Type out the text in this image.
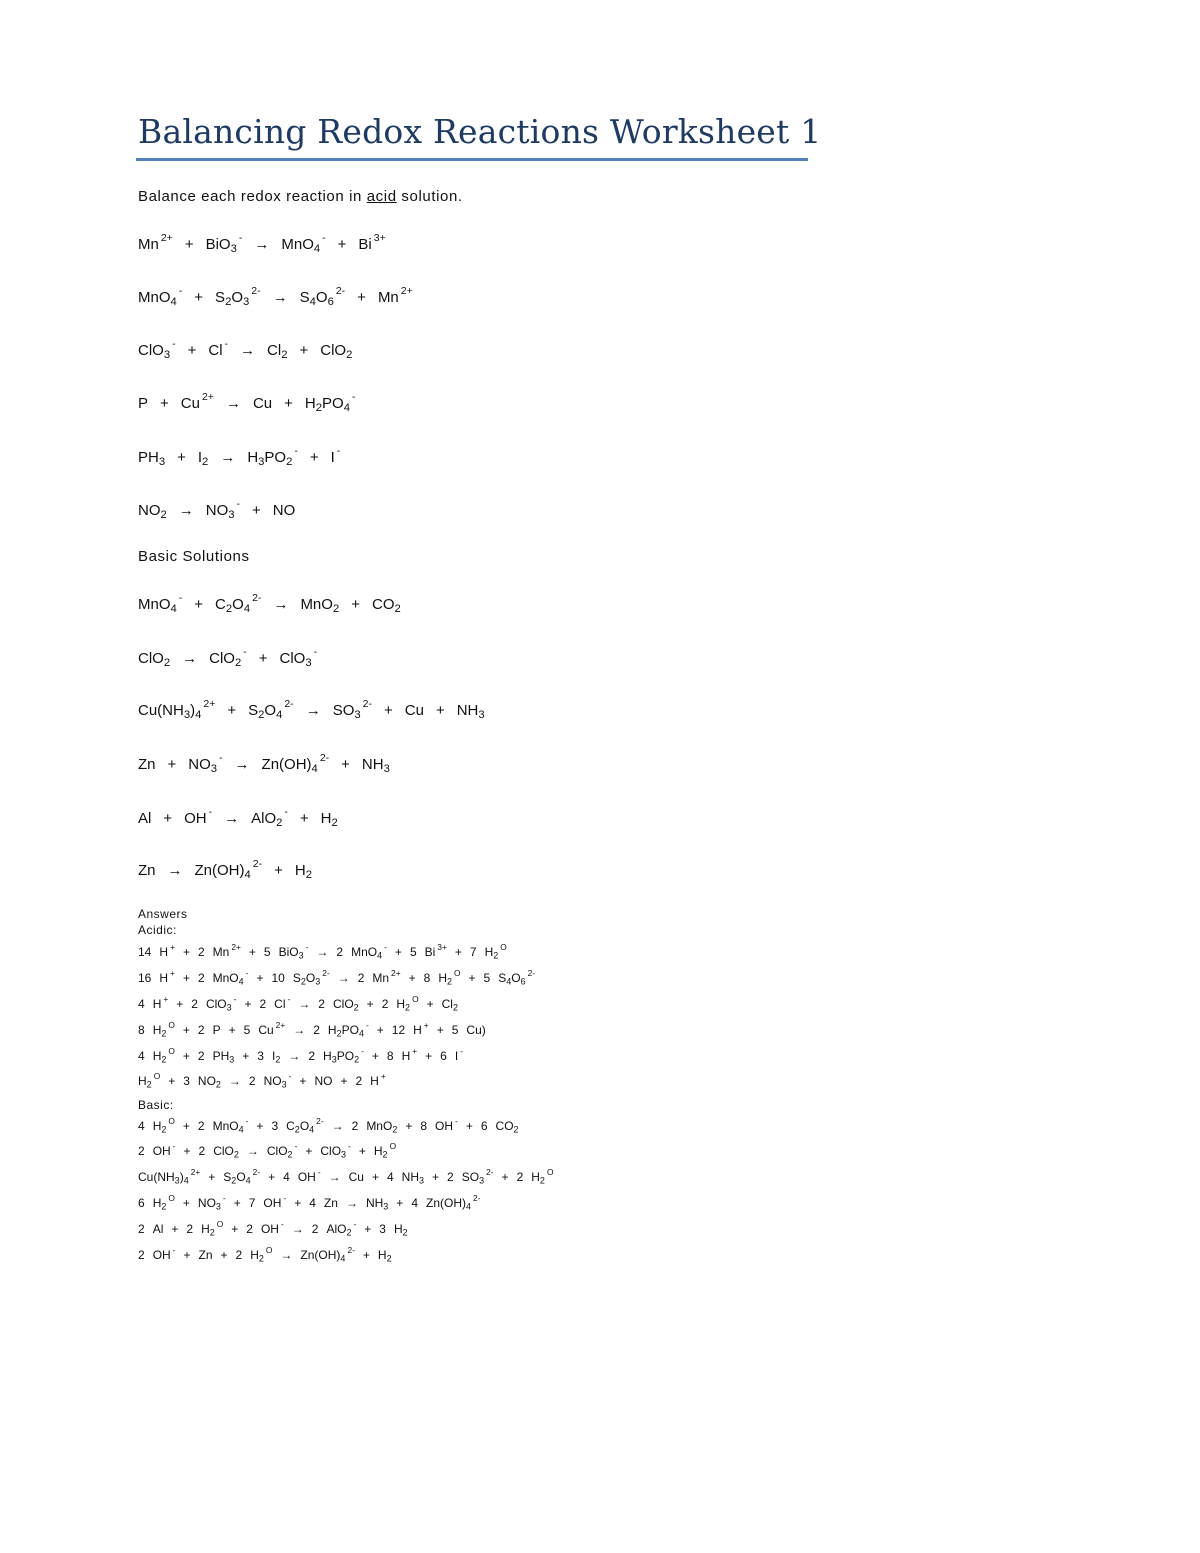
Balancing Redox Reactions Worksheet 1
Balance each redox reaction in acid solution.
Mn $^{2+}$ + BiO$_3$- → MnO$_4$- + Bi $^{3+}$
$MnO_4^- + S_2O_3^{2-} \to S_4O_6^{2-} + Mn$ $^{2+}$
ClO$_3$- + Cl $^- \to Cl_2 + ClO_2$
P + Cu $^{2+} \to Cu + H_2PO_4^-$
$PH_3 + I_2 \to H_3PO_2^- + I$ -
$NO_2 \to NO_3^-$ + NO
Basic Solutions
$MnO_4^- + C_2O_4^{2-} \to MnO_2 + CO_2$
ClO$_2$ → ClO$_2$- + ClO$_3$-
$Cu(NH_3)_4^{2+} + S_2O_4^{2-} \to SO_3^{2-} + Cu + NH_3$
$Zn + NO_3^- \to Zn(OH)_4^{2-} + NH_3$
Al + OH $^- \to AlO_2^- + H_2$
$Zn \to Zn(OH)_4^{2-} + H_2$
Answers
Acidic:
14 H + + 2 Mn $^{2+}$ + 5 BiO$_3$- → 2 MnO$_4$- + 5 Bi $^{3+}$ + 7 $H_2^O$
16 H + + 2 MnO$_4$- + 10 $S_2O_3^{2-} \to 2$ Mn $^{2+}$ + 8 $H_2^O + 5$ $S_4O_6^{2-}$
4 H + + 2 ClO$_3$- + 2 Cl - → 2 ClO$_2$ + 2 $H_2^O + Cl_2$
8 $H_2^O + 2$ P + 5 Cu $^{2+}$ → 2 $H_2PO_4^- + 12$ H + + 5 Cu)
4 $H_2^O + 2$ $PH_3 + 3$ $I_2 \to 2$ $H_3PO_2^- + 8$ H + + 6 I -
$H_2^O + 3$ $NO_2 \to 2$ $NO_3^-$ + NO + 2 H +
Basic:
4 $H_2^O + 2$ MnO$_4$- + 3 $C_2O_4^{2-} \to 2$ MnO$_2$ + 8 OH - + 6 $CO_2$
2 OH - + 2 $ClO_2 \to ClO_2^- + ClO_3^- + H_2^O$
$Cu(NH_3)_4^{2+} + S_2O_4^{2-} + 4$ OH - → Cu + 4 $NH_3 + 2$ $SO_3^{2-} + 2$ $H_2^O$
6 $H_2^O + NO_3^- + 7$ OH - + 4 $Zn \to NH_3 + 4$ $Zn(OH)_4^{2-}$
2 Al + 2 $H_2^O + 2$ OH - → 2 AlO$_2$- + 3 $H_2$
2 OH - + Zn + 2 $H_2^O \to Zn(OH)_4^{2-} + H_2$
